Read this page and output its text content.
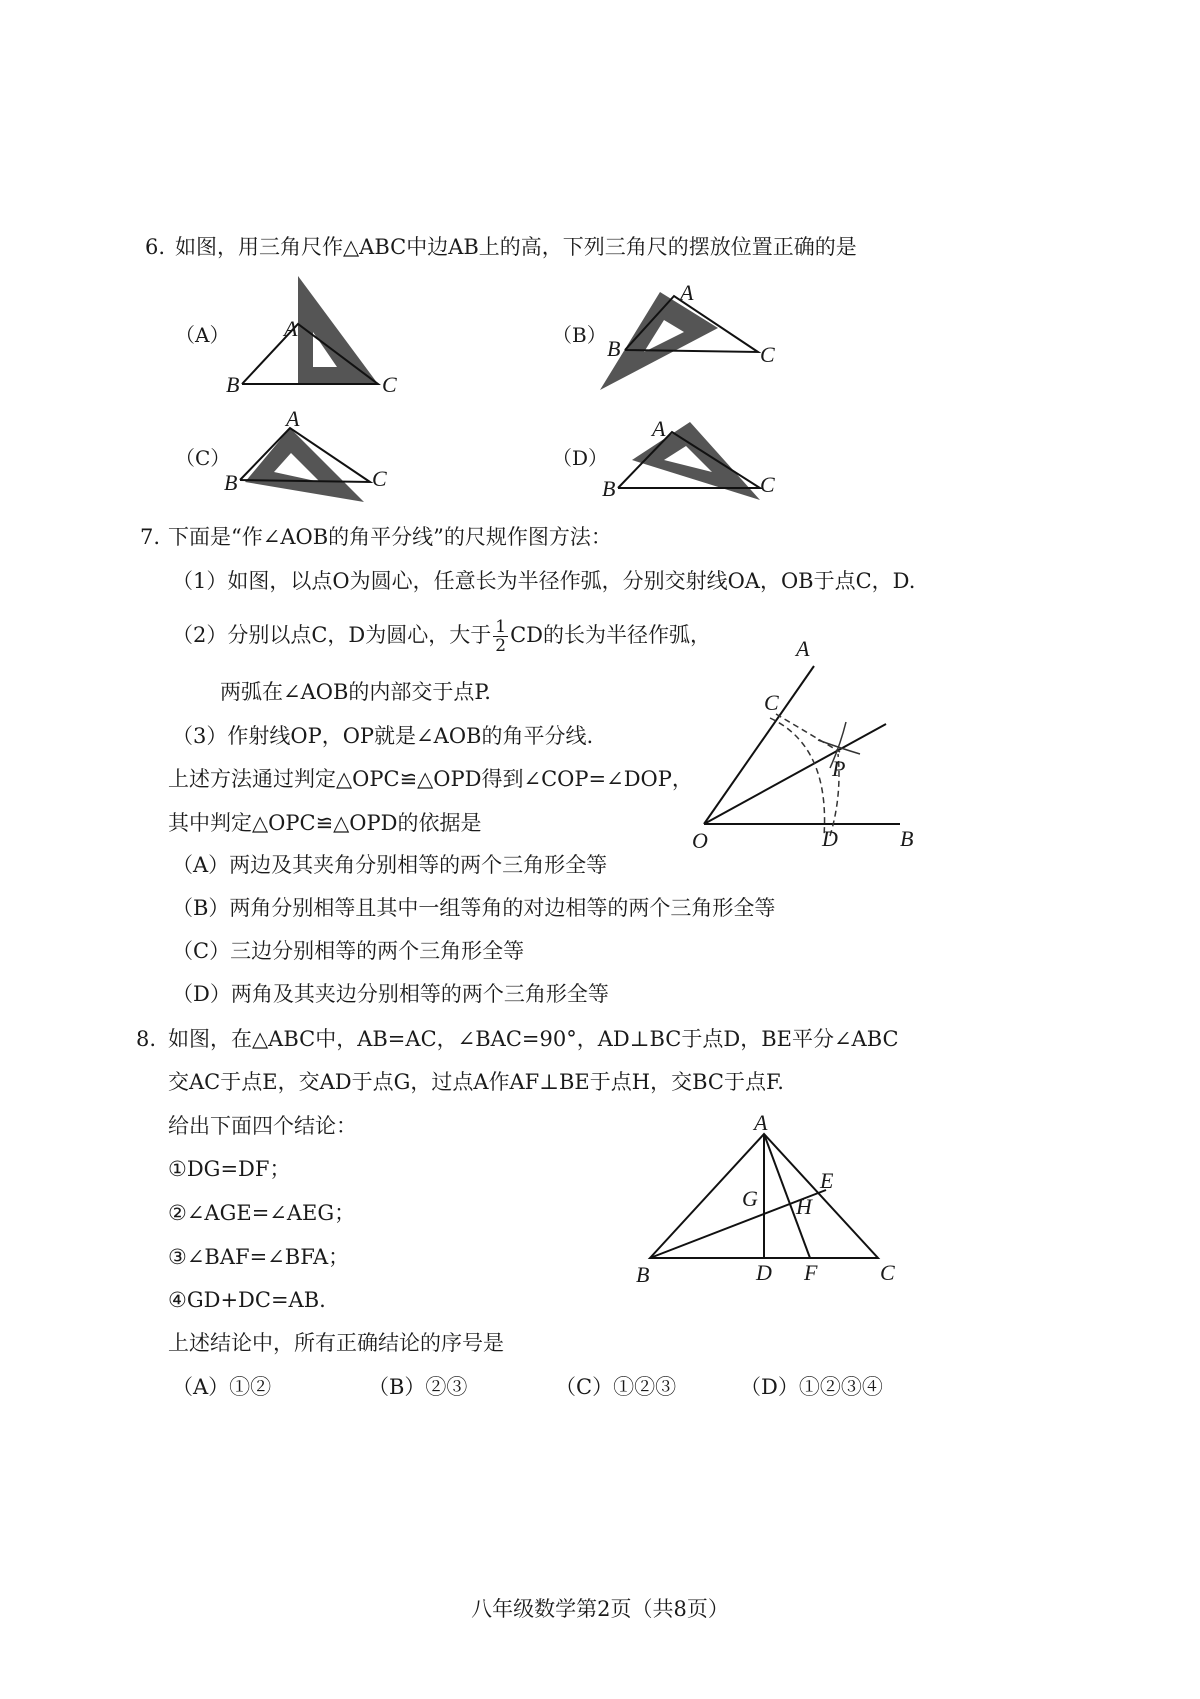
6. 如图，用三角尺作△ABC中边AB上的高，下列三角尺的摆放位置正确的是
（A） A
B	C
（B）
A
B	C
（C）
A
B	C
（D）
A
B	C
7. 下面是“作∠AOB的角平分线”的尺规作图方法：
（1）如图，以点O为圆心，任意长为半径作弧，分别交射线OA，OB于点C，D.
（2）分别以点C，D为圆心，大于 $\frac{1}{2}$ CD的长为半径作弧，
两弧在∠AOB的内部交于点P.
（3）作射线OP，OP就是∠AOB的角平分线.
上述方法通过判定△OPC≌△OPD得到∠COP=∠DOP，
其中判定△OPC≌△OPD的依据是
（A）两边及其夹角分别相等的两个三角形全等
（B）两角分别相等且其中一组等角的对边相等的两个三角形全等
（C）三边分别相等的两个三角形全等
（D）两角及其夹边分别相等的两个三角形全等
A
C
P
O	D	B
8. 如图，在△ABC中，AB=AC，∠BAC=90°，AD⊥BC于点D，BE平分∠ABC
交AC于点E，交AD于点G，过点A作AF⊥BE于点H，交BC于点F.
给出下面四个结论：
①DG=DF；
②∠AGE=∠AEG；
③∠BAF=∠BFA；
④GD+DC=AB.
上述结论中，所有正确结论的序号是
（A）①②	（B）②③	（C）①②③	（D）①②③④
A
E
G H
B	D F	C
八年级数学第2页（共8页）
